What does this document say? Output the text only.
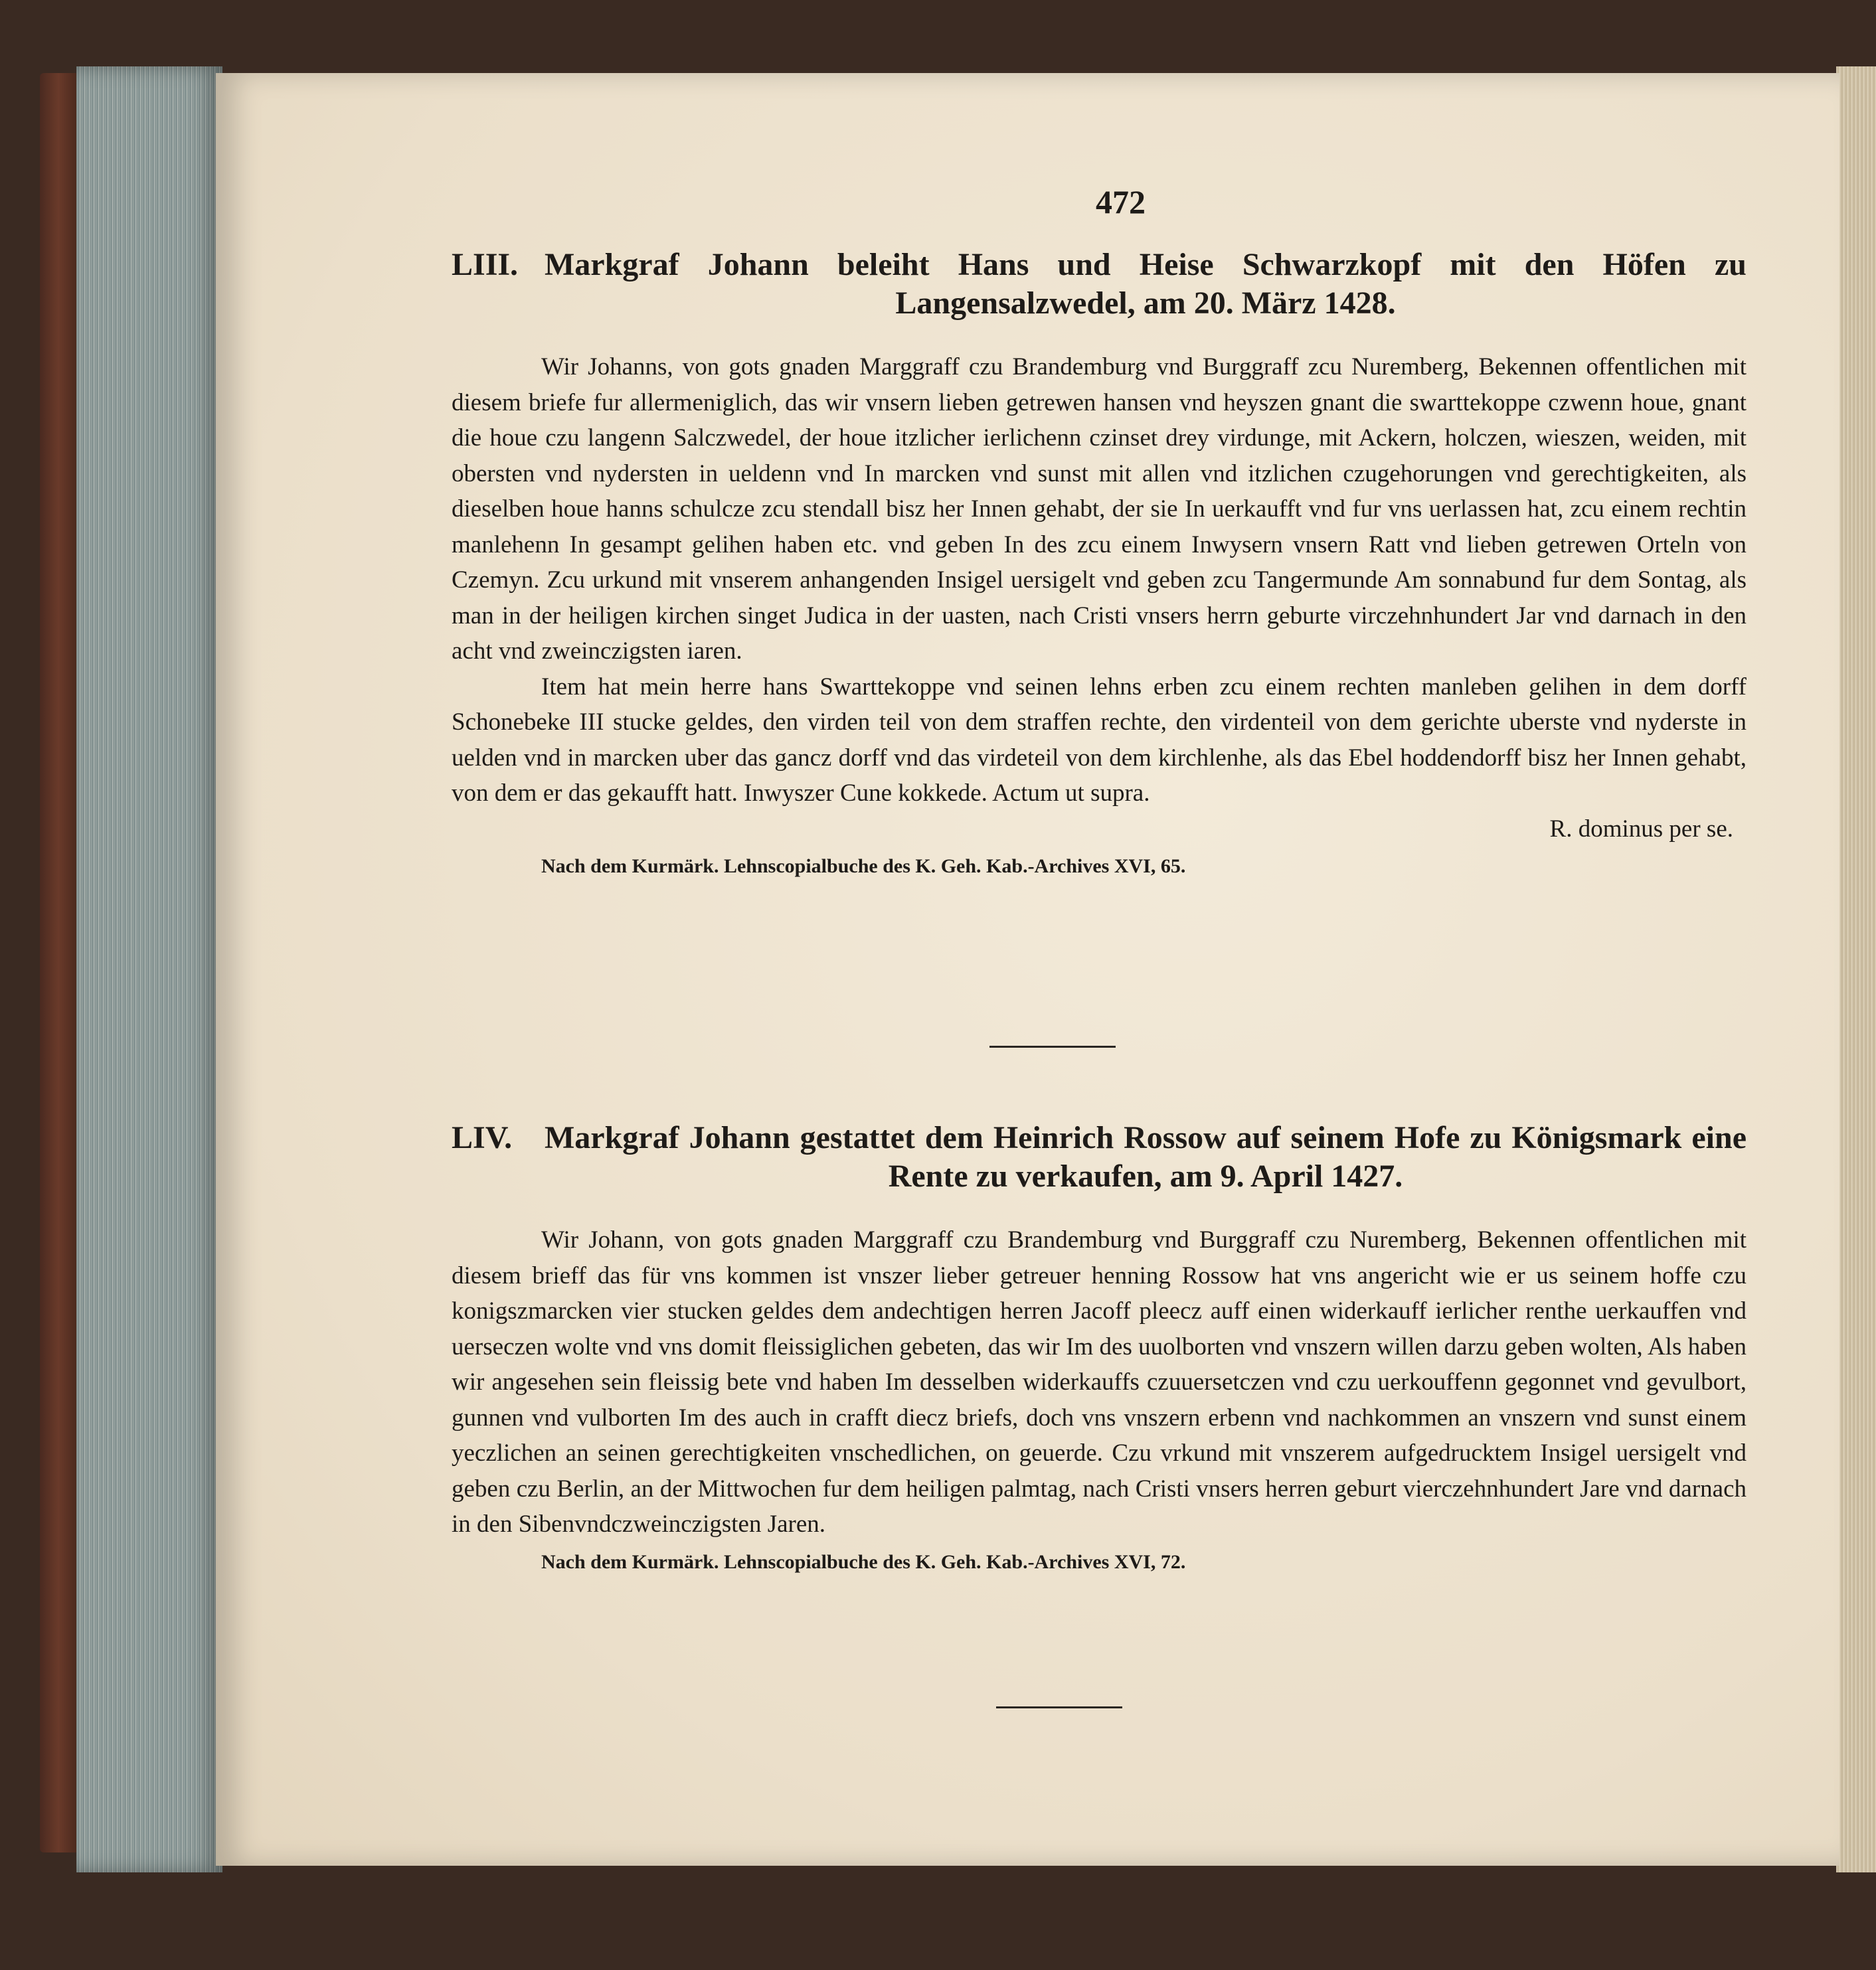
472
LIII. Markgraf Johann beleiht Hans und Heise Schwarzkopf mit den Höfen zu Langensalzwedel, am 20. März 1428.

Wir Johanns, von gots gnaden Marggraff czu Brandemburg vnd Burggraff zcu Nuremberg, Bekennen offentlichen mit diesem briefe fur allermeniglich, das wir vnsern lieben getrewen hansen vnd heyszen gnant die swarttekoppe czwenn houe, gnant die houe czu langenn Salczwedel, der houe itzlicher ierlichenn czinset drey virdunge, mit Ackern, holczen, wieszen, weiden, mit obersten vnd nydersten in ueldenn vnd In marcken vnd sunst mit allen vnd itzlichen czugehorungen vnd gerechtigkeiten, als dieselben houe hanns schulcze zcu stendall bisz her Innen gehabt, der sie In uerkaufft vnd fur vns uerlassen hat, zcu einem rechtin manlehenn In gesampt gelihen haben etc. vnd geben In des zcu einem Inwysern vnsern Ratt vnd lieben getrewen Orteln von Czemyn. Zcu urkund mit vnserem anhangenden Insigel uersigelt vnd geben zcu Tangermunde Am sonnabund fur dem Sontag, als man in der heiligen kirchen singet Judica in der uasten, nach Cristi vnsers herrn geburte virczehnhundert Jar vnd darnach in den acht vnd zweinczigsten iaren.

Item hat mein herre hans Swarttekoppe vnd seinen lehns erben zcu einem rechten manleben gelihen in dem dorff Schonebeke III stucke geldes, den virden teil von dem straffen rechte, den virdenteil von dem gerichte uberste vnd nyderste in uelden vnd in marcken uber das gancz dorff vnd das virdeteil von dem kirchlenhe, als das Ebel hoddendorff bisz her Innen gehabt, von dem er das gekaufft hatt. Inwyszer Cune kokkede. Actum ut supra.

R. dominus per se.
Nach dem Kurmärk. Lehnscopialbuche des K. Geh. Kab.-Archives XVI, 65.
LIV. Markgraf Johann gestattet dem Heinrich Rossow auf seinem Hofe zu Königsmark eine Rente zu verkaufen, am 9. April 1427.

Wir Johann, von gots gnaden Marggraff czu Brandemburg vnd Burggraff czu Nuremberg, Bekennen offentlichen mit diesem brieff das für vns kommen ist vnszer lieber getreuer henning Rossow hat vns angericht wie er us seinem hoffe czu konigszmarcken vier stucken geldes dem andechtigen herren Jacoff pleecz auff einen widerkauff ierlicher renthe uerkauffen vnd uerseczen wolte vnd vns domit fleissiglichen gebeten, das wir Im des uuolborten vnd vnszern willen darzu geben wolten, Als haben wir angesehen sein fleissig bete vnd haben Im desselben widerkauffs czuuersetczen vnd czu uerkouffenn gegonnet vnd gevulbort, gunnen vnd vulborten Im des auch in crafft diecz briefs, doch vns vnszern erbenn vnd nachkommen an vnszern vnd sunst einem yeczlichen an seinen gerechtigkeiten vnschedlichen, on geuerde. Czu vrkund mit vnszerem aufgedrucktem Insigel uersigelt vnd geben czu Berlin, an der Mittwochen fur dem heiligen palmtag, nach Cristi vnsers herren geburt vierczehnhundert Jare vnd darnach in den Sibenvndczweinczigsten Jaren.

Nach dem Kurmärk. Lehnscopialbuche des K. Geh. Kab.-Archives XVI, 72.
